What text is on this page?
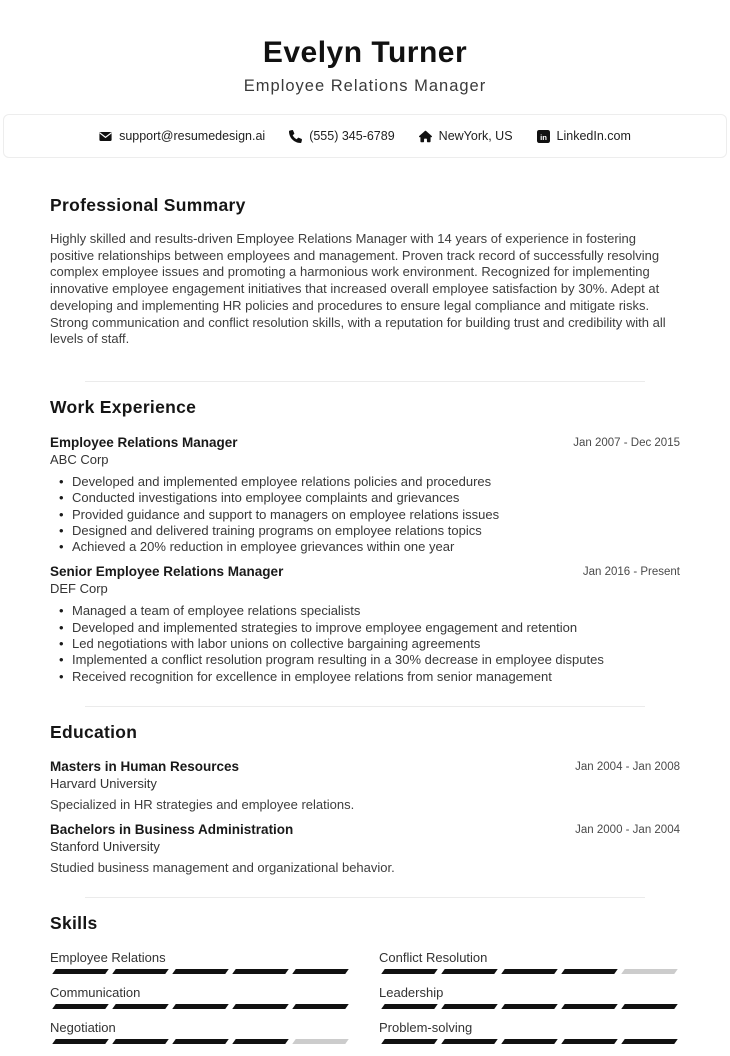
Evelyn Turner
Employee Relations Manager
support@resumedesign.ai	(555) 345-6789	NewYork, US	in LinkedIn.com
Professional Summary

Highly skilled and results-driven Employee Relations Manager with 14 years of experience in fostering positive relationships between employees and management. Proven track record of successfully resolving complex employee issues and promoting a harmonious work environment. Recognized for implementing innovative employee engagement initiatives that increased overall employee satisfaction by 30%. Adept at developing and implementing HR policies and procedures to ensure legal compliance and mitigate risks. Strong communication and conflict resolution skills, with a reputation for building trust and credibility with all levels of staff.

Work Experience
Employee Relations Manager
ABC Corp
Jan 2007 - Dec 2015
• Developed and implemented employee relations policies and procedures
• Conducted investigations into employee complaints and grievances
• Provided guidance and support to managers on employee relations issues
• Designed and delivered training programs on employee relations topics
• Achieved a 20% reduction in employee grievances within one year
Senior Employee Relations Manager
DEF Corp
Jan 2016 - Present
• Managed a team of employee relations specialists
• Developed and implemented strategies to improve employee engagement and retention
• Led negotiations with labor unions on collective bargaining agreements
• Implemented a conflict resolution program resulting in a 30% decrease in employee disputes
• Received recognition for excellence in employee relations from senior management
Education
Masters in Human Resources
Harvard University
Jan 2004 - Jan 2008
Specialized in HR strategies and employee relations.
Bachelors in Business Administration
Stanford University
Jan 2000 - Jan 2004
Studied business management and organizational behavior.
Skills
Employee Relations	Conflict Resolution
Communication	Leadership
Negotiation	Problem-solving
